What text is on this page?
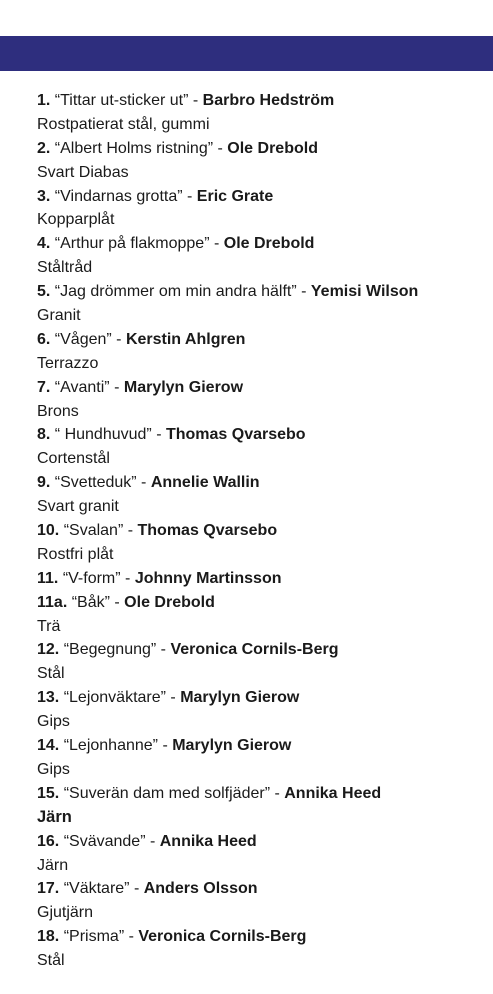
1. “Tittar ut-sticker ut” - Barbro Hedström
Rostpatierat stål, gummi
2. “Albert Holms ristning” - Ole Drebold
Svart Diabas
3. “Vindarnas grotta” - Eric Grate
Kopparplåt
4. “Arthur på flakmoppe” - Ole Drebold
Ståltråd
5. “Jag drömmer om min andra hälft” - Yemisi Wilson
Granit
6. “Vågen” - Kerstin Ahlgren
Terrazzo
7. “Avanti” - Marylyn Gierow
Brons
8. “ Hundhuvud” - Thomas Qvarsebo
Cortenstål
9. “Svetteduk” - Annelie Wallin
Svart granit
10. “Svalan” - Thomas Qvarsebo
Rostfri plåt
11. “V-form” - Johnny Martinsson
11a. “Båk” - Ole Drebold
Trä
12. “Begegnung” - Veronica Cornils-Berg
Stål
13. “Lejonväktare” - Marylyn Gierow
Gips
14. “Lejonhanne” - Marylyn Gierow
Gips
15. “Suverän dam med solfjäder” - Annika Heed
Järn
16. “Svävande” - Annika Heed
Järn
17. “Väktare” - Anders Olsson
Gjutjärn
18. “Prisma” - Veronica Cornils-Berg
Stål
